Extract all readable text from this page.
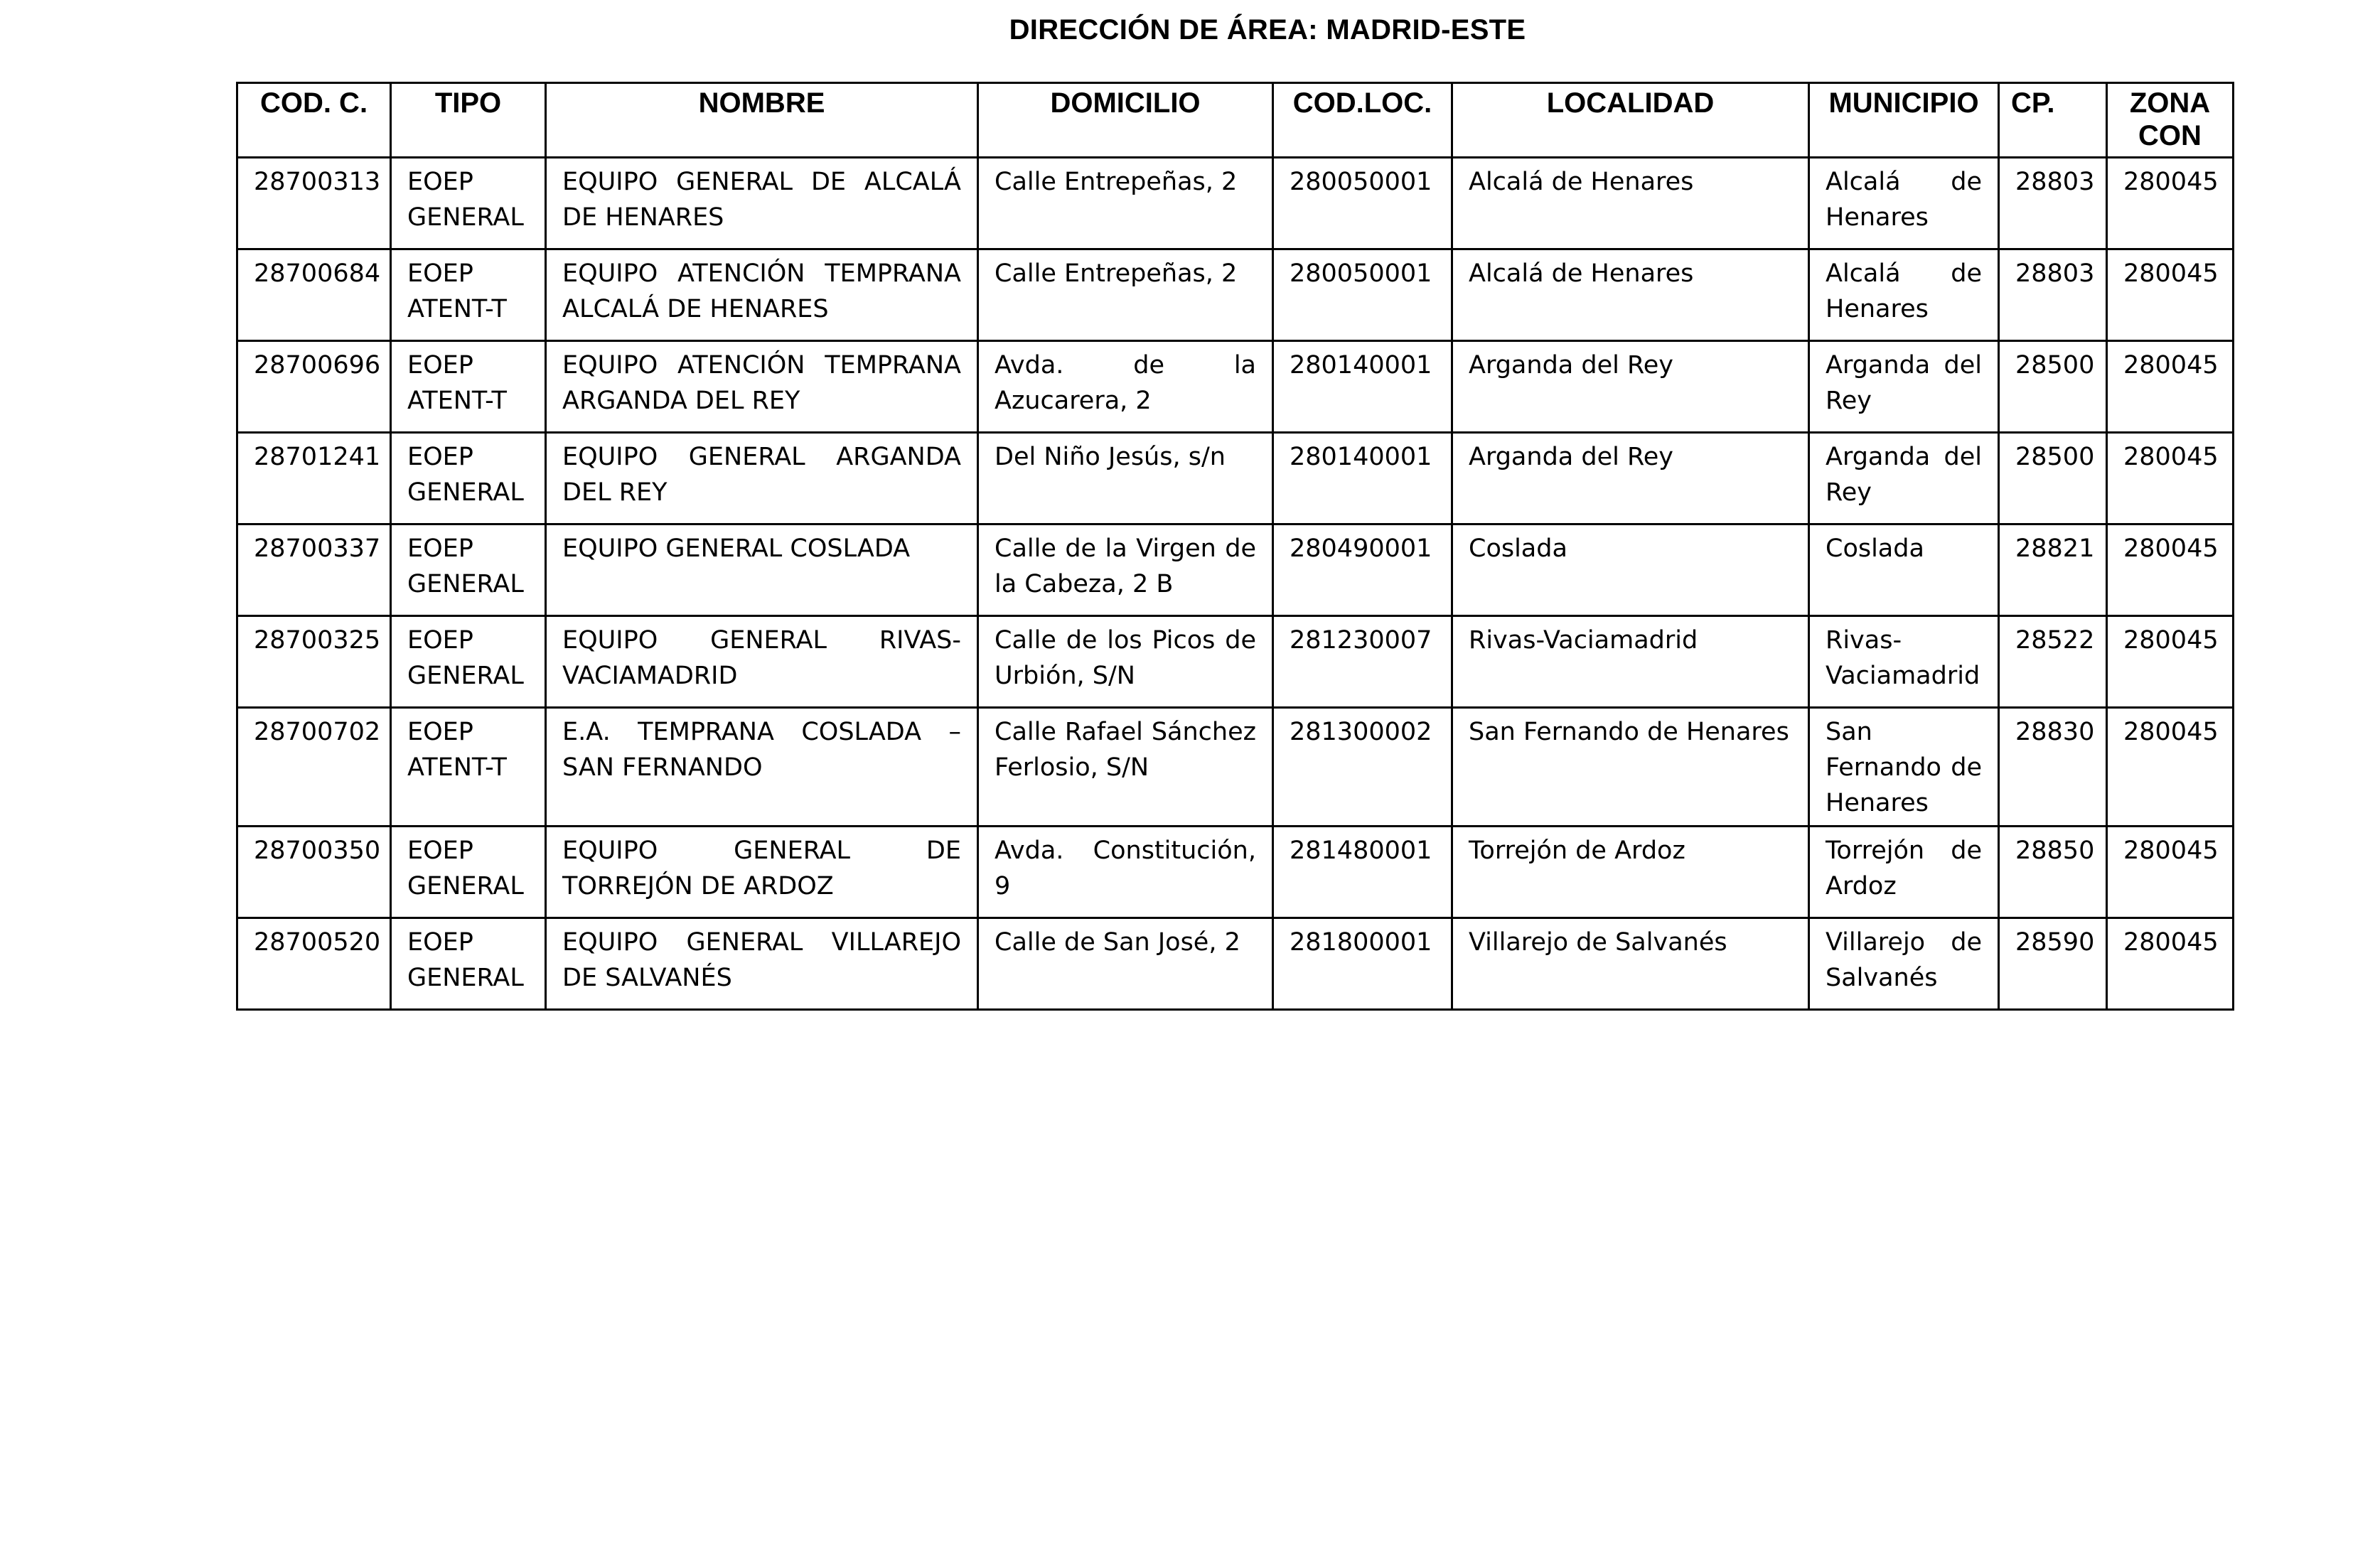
DIRECCIÓN DE ÁREA: MADRID-ESTE
COD. C.	TIPO	NOMBRE	DOMICILIO	COD.LOC.	LOCALIDAD	MUNICIPIO	CP.	ZONA CON
28700313	EOEP GENERAL	EQUIPO GENERAL DE ALCALÁ DE HENARES	Calle Entrepeñas, 2	280050001	Alcalá de Henares	Alcalá de Henares	28803	280045
28700684	EOEP ATENT-T	EQUIPO ATENCIÓN TEMPRANA ALCALÁ DE HENARES	Calle Entrepeñas, 2	280050001	Alcalá de Henares	Alcalá de Henares	28803	280045
28700696	EOEP ATENT-T	EQUIPO ATENCIÓN TEMPRANA ARGANDA DEL REY	Avda. de la Azucarera, 2	280140001	Arganda del Rey	Arganda del Rey	28500	280045
28701241	EOEP GENERAL	EQUIPO GENERAL ARGANDA DEL REY	Del Niño Jesús, s/n	280140001	Arganda del Rey	Arganda del Rey	28500	280045
28700337	EOEP GENERAL	EQUIPO GENERAL COSLADA	Calle de la Virgen de la Cabeza, 2 B	280490001	Coslada	Coslada	28821	280045
28700325	EOEP GENERAL	EQUIPO GENERAL RIVAS-VACIAMADRID	Calle de los Picos de Urbión, S/N	281230007	Rivas-Vaciamadrid	Rivas-Vaciamadrid	28522	280045
28700702	EOEP ATENT-T	E.A. TEMPRANA COSLADA – SAN FERNANDO	Calle Rafael Sánchez Ferlosio, S/N	281300002	San Fernando de Henares	San Fernando de Henares	28830	280045
28700350	EOEP GENERAL	EQUIPO GENERAL DE TORREJÓN DE ARDOZ	Avda. Constitución, 9	281480001	Torrejón de Ardoz	Torrejón de Ardoz	28850	280045
28700520	EOEP GENERAL	EQUIPO GENERAL VILLAREJO DE SALVANÉS	Calle de San José, 2	281800001	Villarejo de Salvanés	Villarejo de Salvanés	28590	280045
